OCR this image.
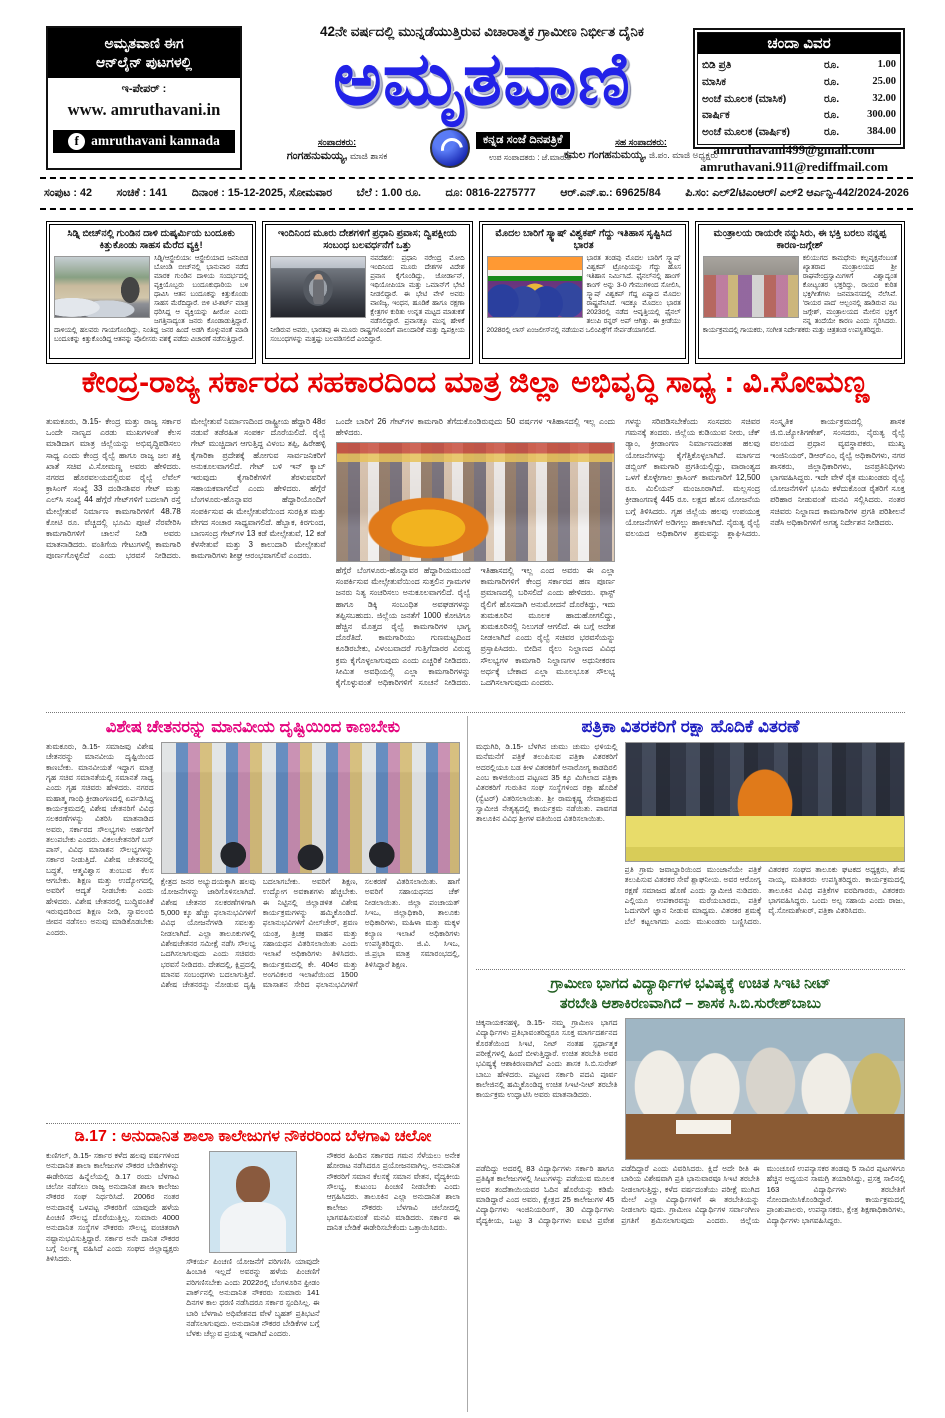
ಅಮೃತವಾಣಿ ಈಗ
ಆನ್‌ಲೈನ್ ಪುಟಗಳಲ್ಲಿ
ಇ-ಪೇಪರ್ :
www. amruthavani.in
f amruthavani kannada
42ನೇ ವರ್ಷದಲ್ಲಿ ಮುನ್ನಡೆಯುತ್ತಿರುವ ವಿಚಾರಾತ್ಮಕ ಗ್ರಾಮೀಣ ನಿರ್ಭೀತ ದೈನಿಕ
ಅಮೃತವಾಣಿ
ಸಂಪಾದಕರು:
ಗಂಗಹನುಮಯ್ಯ, ಮಾಜಿ ಶಾಸಕ
ಕನ್ನಡ ಸಂಜೆ ದಿನಪತ್ರಿಕೆ
ಉಪ ಸಂಪಾದಕರು : ಜೆ.ಮಾರುತಿ
ಸಹ ಸಂಪಾದಕರು:
ಕಮಲ ಗಂಗಹನುಮಯ್ಯ, ಜಿ.ಪಂ. ಮಾಜಿ ಅಧ್ಯಕ್ಷರು
ಚಂದಾ ವಿವರ
ಬಿಡಿ ಪ್ರತಿ	ರೂ.	1.00
ಮಾಸಿಕ	ರೂ.	25.00
ಅಂಚೆ ಮೂಲಕ (ಮಾಸಿಕ)	ರೂ.	32.00
ವಾರ್ಷಿಕ	ರೂ.	300.00
ಅಂಚೆ ಮೂಲಕ (ವಾರ್ಷಿಕ)	ರೂ.	384.00
amruthavani499@gmail.com
amruthavani.911@rediffmail.com
ಸಂಪುಟ : 42 ಸಂಚಿಕೆ : 141 ದಿನಾಂಕ : 15-12-2025, ಸೋಮವಾರ ಬೆಲೆ : 1.00 ರೂ. ದೂ: 0816-2275777 ಆರ್.ಎನ್.ಐ.: 69625/84 ಪಿ.ಸಂ: ಎಲ್2/ಟಿಎಂಆರ್/ ಎಲ್2 ಆರ್ಎನ್ಪಿ-442/2024-2026
ಸಿಡ್ನಿ ಬೀಚ್‌ನಲ್ಲಿ ಗುಂಡಿನ ದಾಳಿ ದುಷ್ಕರ್ಮಿಯ ಬಂದೂಕು ಕಿತ್ತುಕೊಂಡು ಸಾಹಸ ಮೆರೆದ ವ್ಯಕ್ತಿ!
ಸಿಡ್ನಿ/ಆಸ್ಟ್ರೇಲಿಯಾ: ಆಸ್ಟ್ರೇಲಿಯಾದ ಜನನಿಬಿಡ ಬೋಂಡಿ ಬೀಚ್‌ನಲ್ಲಿ ಭಾನುವಾರ ನಡೆದ ಮಾರಕ ಗುಂಡಿನ ದಾಳಿಯ ಸಂದರ್ಭದಲ್ಲಿ ವ್ಯಕ್ತಿಯೊಬ್ಬರು ಬಂದೂಕುಧಾರಿಯ ಬಳಿ ಧಾವಿಸಿ ಆತನ ಬಂದೂಕನ್ನು ಕಿತ್ತುಕೊಂಡು ಸಾಹಸ ಮೆರೆದಿದ್ದಾರೆ. ಬಿಳಿ ಟಿ-ಶರ್ಟ್ ಮಾತ್ರ ಧರಿಸಿದ್ದ ಆ ವ್ಯಕ್ತಿಯನ್ನು ಹೀರೋ ಎಂದು ಜಗತ್ತಿನಾದ್ಯಂತ ಜನರು ಕೊಂಡಾಡುತ್ತಿದ್ದಾರೆ. ದಾಳಿಯಲ್ಲಿ ಹಲವರು ಗಾಯಗೊಂಡಿದ್ದು, ನಿಂತಿದ್ದ ಜನರ ಹಿಂದೆ ಅಡಗಿ ಕೊಳ್ಳುವಂತೆ ಮಾಡಿ ಬಂದೂಕನ್ನು ಕಿತ್ತುಕೊಂಡಿದ್ದ ಆತನನ್ನು ಪೊಲೀಸರು ವಶಕ್ಕೆ ಪಡೆದು ವಿಚಾರಣೆ ನಡೆಸುತ್ತಿದ್ದಾರೆ.
ಇಂದಿನಿಂದ ಮೂರು ದೇಶಗಳಿಗೆ ಪ್ರಧಾನಿ ಪ್ರವಾಸ; ದ್ವಿಪಕ್ಷೀಯ ಸಂಬಂಧ ಬಲವರ್ಧನೆಗೆ ಒತ್ತು
ನವದೆಹಲಿ: ಪ್ರಧಾನಿ ನರೇಂದ್ರ ಮೋದಿ ಇಂದಿನಿಂದ ಮೂರು ದೇಶಗಳ ವಿದೇಶ ಪ್ರವಾಸ ಕೈಗೊಂಡಿದ್ದು, ಜೋರ್ಡಾನ್, ಇಥಿಯೋಪಿಯಾ ಮತ್ತು ಒಮಾನ್‌ಗೆ ಭೇಟಿ ನೀಡಲಿದ್ದಾರೆ. ಈ ಭೇಟಿ ವೇಳೆ ಅವರು ವಾಣಿಜ್ಯ, ಇಂಧನ, ಹೂಡಿಕೆ ಹಾಗೂ ರಕ್ಷಣಾ ಕ್ಷೇತ್ರಗಳ ಕುರಿತು ಉನ್ನತ ಮಟ್ಟದ ಮಾತುಕತೆ ನಡೆಸಲಿದ್ದಾರೆ. ಪ್ರವಾಸಕ್ಕೂ ಮುನ್ನ ಹೇಳಿಕೆ ನೀಡಿರುವ ಅವರು, ಭಾರತವು ಈ ಮೂರು ರಾಷ್ಟ್ರಗಳೊಂದಿಗೆ ಪಾಲುದಾರಿಕೆ ಮತ್ತು ದ್ವಿಪಕ್ಷೀಯ ಸಂಬಂಧಗಳನ್ನು ಮತ್ತಷ್ಟು ಬಲಪಡಿಸಲಿದೆ ಎಂದಿದ್ದಾರೆ.
ಮೊದಲ ಬಾರಿಗೆ ಸ್ಕ್ವಾಷ್ ವಿಶ್ವಕಪ್ ಗೆದ್ದು ಇತಿಹಾಸ ಸೃಷ್ಟಿಸಿದ ಭಾರತ
ಭಾರತ ತಂಡವು ಮೊದಲ ಬಾರಿಗೆ ಸ್ಕ್ವಾಷ್ ವಿಶ್ವಕಪ್ ಟ್ರೋಫಿಯನ್ನು ಗೆದ್ದು ಹೊಸ ಇತಿಹಾಸ ನಿರ್ಮಿಸಿದೆ. ಫೈನಲ್‌ನಲ್ಲಿ ಹಾಂಗ್ ಕಾಂಗ್ ಅನ್ನು 3-0 ಗೇಮುಗಳಿಂದ ಸೋಲಿಸಿ, ಸ್ಕ್ವಾಷ್ ವಿಶ್ವಕಪ್ ಗೆದ್ದ ಏಷ್ಯಾದ ಮೊದಲ ರಾಷ್ಟ್ರವೆನಿಸಿದೆ. ಇದಕ್ಕೂ ಮೊದಲು ಭಾರತ 2023ರಲ್ಲಿ ನಡೆದ ಆವೃತ್ತಿಯಲ್ಲಿ ಫೈನಲ್ ತಲುಪಿ ರನ್ನರ್ ಅಪ್ ಆಗಿತ್ತು. ಈ ಕ್ರೀಡೆಯು 2028ರಲ್ಲಿ ಲಾಸ್ ಏಂಜಲೀಸ್‌ನಲ್ಲಿ ನಡೆಯುವ ಒಲಿಂಪಿಕ್ಸ್‌ಗೆ ಸೇರ್ಪಡೆಯಾಗಲಿದೆ.
ಮಂತ್ರಾಲಯ ರಾಯರೇ ನನ್ನುಸಿರು, ಈ ಭಕ್ತಿ ಬರಲು ನನ್ನಪ್ಪ ಕಾರಣ-ಜಗ್ಗೇಶ್
ಕಲಿಯುಗದ ಕಾಮಧೇನು ಕಲ್ಪವೃಕ್ಷವೆಂಬಂತೆ ಖ್ಯಾತರಾದ ಮಂತ್ರಾಲಯದ ಶ್ರೀ ರಾಘವೇಂದ್ರಸ್ವಾಮಿಗಳಿಗೆ ವಿಶ್ವಾದ್ಯಂತ ಕೋಟ್ಯಂತರ ಭಕ್ತರಿದ್ದು, ರಾಯರ ಕುರಿತ ಭಕ್ತಿಗೀತೆಗಳು ಜನಮಾನಸದಲ್ಲಿ ನೆಲೆಸಿವೆ. 'ರಾಯರ ಪಾದ' ಆಲ್ಬಂನಲ್ಲಿ ಹಾಡಿರುವ ನಟ ಜಗ್ಗೇಶ್, ಮಂತ್ರಾಲಯದ ಮೇಲಿನ ಭಕ್ತಿಗೆ ನನ್ನ ತಂದೆಯೇ ಕಾರಣ ಎಂದು ಸ್ಮರಿಸಿದರು. ಕಾರ್ಯಕ್ರಮದಲ್ಲಿ ಗಾಯಕರು, ಸಂಗೀತ ನಿರ್ದೇಶಕರು ಮತ್ತು ಚಿತ್ರತಂಡ ಉಪಸ್ಥಿತರಿದ್ದರು.
ಕೇಂದ್ರ-ರಾಜ್ಯ ಸರ್ಕಾರದ ಸಹಕಾರದಿಂದ ಮಾತ್ರ ಜಿಲ್ಲಾ ಅಭಿವೃದ್ಧಿ ಸಾಧ್ಯ : ವಿ.ಸೋಮಣ್ಣ
ತುಮಕೂರು, ಡಿ.15- ಕೇಂದ್ರ ಮತ್ತು ರಾಜ್ಯ ಸರ್ಕಾರ ಒಂದೇ ನಾಣ್ಯದ ಎರಡು ಮುಖಗಳಂತೆ ಕೆಲಸ ಮಾಡಿದಾಗ ಮಾತ್ರ ಜಿಲ್ಲೆಯನ್ನು ಅಭಿವೃದ್ಧಿಪಡಿಸಲು ಸಾಧ್ಯ ಎಂದು ಕೇಂದ್ರ ರೈಲ್ವೆ ಹಾಗೂ ರಾಜ್ಯ ಜಲ ಶಕ್ತಿ ಖಾತೆ ಸಚಿವ ವಿ.ಸೋಮಣ್ಣ ಅವರು ಹೇಳಿದರು. ನಗರದ ಹೊರವಲಯದಲ್ಲಿರುವ ರೈಲ್ವೆ ಲೆವೆಲ್ ಕ್ರಾಸಿಂಗ್ ಸಂಖ್ಯೆ 33 ದಂಡಿನಶಿವರ ಗೇಟ್ ಮತ್ತು ಎಲ್‌ಸಿ ಸಂಖ್ಯೆ 44 ಹೆಗ್ಗೆರೆ ಗೇಟ್‌ಗಳಿಗೆ ಬದಲಾಗಿ ರಸ್ತೆ ಮೇಲ್ಸೇತುವೆ ನಿರ್ಮಾಣ ಕಾಮಗಾರಿಗಳಿಗೆ 48.78 ಕೋಟಿ ರೂ. ವೆಚ್ಚದಲ್ಲಿ ಭೂಮಿ ಪೂಜೆ ನೆರವೇರಿಸಿ ಕಾಮಗಾರಿಗಳಿಗೆ ಚಾಲನೆ ನೀಡಿ ಅವರು ಮಾತನಾಡಿದರು. ವಂತಿಗೆಯ ಗೇಟುಗಳಲ್ಲಿ ಕಾಮಗಾರಿ ಪೂರ್ಣಗೊಳ್ಳಲಿದೆ ಎಂದು ಭರವಸೆ ನೀಡಿದರು. ಮೇಲ್ಸೇತುವೆ ನಿರ್ಮಾಣದಿಂದ ರಾಷ್ಟ್ರೀಯ ಹೆದ್ದಾರಿ 48ರ ನಡುವೆ ತಡೆರಹಿತ ಸಂಪರ್ಕ ದೊರೆಯಲಿದೆ. ರೈಲ್ವೆ ಗೇಟ್ ಮುಚ್ಚಿದಾಗ ಆಗುತ್ತಿದ್ದ ವಿಳಂಬ ತಪ್ಪಿ, ಹಿರೇಹಳ್ಳಿ ಕೈಗಾರಿಕಾ ಪ್ರದೇಶಕ್ಕೆ ಹೋಗುವ ಸಾರ್ವಜನಿಕರಿಗೆ ಅನುಕೂಲವಾಗಲಿದೆ. ಗೇಟ್ ಬಳಿ ಇನ್ ಕ್ಯಾಬ್ ಇರುವುದು ಕೈಗಾರಿಕೆಗಳಿಗೆ ತೆರಳುವವರಿಗೆ ಸಹಾಯಕವಾಗಲಿದೆ ಎಂದು ಹೇಳಿದರು. ಹೆಗ್ಗೆರೆ ಬೆಂಗಳೂರು-ಹೊನ್ನಾವರ ಹೆದ್ದಾರಿಯೊಂದಿಗೆ ಸಂಪರ್ಕಿಸುವ ಈ ಮೇಲ್ಸೇತುವೆಯಿಂದ ಸುರಕ್ಷಿತ ಮತ್ತು ವೇಗದ ಸಂಚಾರ ಸಾಧ್ಯವಾಗಲಿದೆ. ಹೆಬ್ಬಾಕ, ಕಿರಗುಂದ, ಬಾಣಸಂದ್ರ ಗೇಟ್‌ಗಳ 13 ಕಡೆ ಮೇಲ್ಸೇತುವೆ, 12 ಕಡೆ ಕೆಳಸೇತುವೆ ಮತ್ತು 3 ಕಾಲುದಾರಿ ಮೇಲ್ಸೇತುವೆ ಕಾಮಗಾರಿಗಳು ಶೀಘ್ರ ಆರಂಭವಾಗಲಿವೆ ಎಂದರು.
ಒಂದೇ ಬಾರಿಗೆ 26 ಗೇಟ್‌ಗಳ ಕಾಮಗಾರಿ ತೆಗೆದುಕೊಂಡಿರುವುದು 50 ವರ್ಷಗಳ ಇತಿಹಾಸದಲ್ಲಿ ಇಲ್ಲ ಎಂದು ಹೇಳಿದರು.
ಹೆಗ್ಗೆರೆ ಬೆಂಗಳೂರು-ಹೊನ್ನಾವರ ಹೆದ್ದಾರಿಯಮುಂದೆ ಸಂಪರ್ಕಿಸುವ ಮೇಲ್ಸೇತುವೆಯಿಂದ ಸುತ್ತಲಿನ ಗ್ರಾಮಗಳ ಜನರು ನಿತ್ಯ ಸಂಚರಿಸಲು ಅನುಕೂಲವಾಗಲಿದೆ. ರೈಲ್ವೆ ಹಾಗೂ ಡಿಕ್ಕಿ ಸಂಬಂಧಿತ ಅವಘಡಗಳನ್ನು ತಪ್ಪಿಸಬಹುದು. ಜಿಲ್ಲೆಯ ಜನತೆಗೆ 1000 ಕೋಟಿಗೂ ಹೆಚ್ಚಿನ ಮೊತ್ತದ ರೈಲ್ವೆ ಕಾಮಗಾರಿಗಳ ಭಾಗ್ಯ ದೊರೆತಿದೆ. ಕಾಮಗಾರಿಯು ಗುಣಮಟ್ಟದಿಂದ ಕೂಡಿರಬೇಕು, ವಿಳಂಬವಾದರೆ ಗುತ್ತಿಗೆದಾರರ ವಿರುದ್ಧ ಕ್ರಮ ಕೈಗೊಳ್ಳಲಾಗುವುದು ಎಂದು ಎಚ್ಚರಿಕೆ ನೀಡಿದರು. ಸೀಮಿತ ಅವಧಿಯಲ್ಲಿ ಎಲ್ಲಾ ಕಾಮಗಾರಿಗಳನ್ನು ಕೈಗೊಳ್ಳುವಂತೆ ಅಧಿಕಾರಿಗಳಿಗೆ ಸೂಚನೆ ನೀಡಿದರು. ಇತಿಹಾಸದಲ್ಲಿ ಇಲ್ಲ ಎಂದ ಅವರು ಈ ಎಲ್ಲಾ ಕಾಮಗಾರಿಗಳಿಗೆ ಕೇಂದ್ರ ಸರ್ಕಾರದ ಹಣ ಪೂರ್ಣ ಪ್ರಮಾಣದಲ್ಲಿ ಬರಿಸಲಿದೆ ಎಂದು ಹೇಳಿದರು. ಫಾಸ್ಟ್ ರೈಲಿಗೆ ಹೊಸದಾಗಿ ಅನುಮೋದನೆ ದೊರೆಕಿದ್ದು, ಇದು ತುಮಕೂರಿನ ಮೂಲಕ ಹಾದುಹೋಗಲಿದ್ದು, ತುಮಕೂರಿನಲ್ಲಿ ನಿಲುಗಡೆ ಆಗಲಿದೆ. ಈ ಬಗ್ಗೆ ಅದೇಶ ನೀಡಲಾಗಿದೆ ಎಂದು ರೈಲ್ವೆ ಸಚಿವರ ಭರವಸೆಯನ್ನು ಪ್ರಸ್ತಾಪಿಸಿದರು. ಬೀದಿನ ರೈಲು ನಿಲ್ದಾಣದ ವಿವಿಧ ಸೌಲಭ್ಯಗಳ ಕಾಮಗಾರಿ ನಿಲ್ದಾಣಗಳ ಅಧುನೀಕರಣ ಅರ್ಧಕ್ಕೆ ಬೇಕಾದ ಎಲ್ಲಾ ಮೂಲಭೂತ ಸೌಲಭ್ಯ ಒದಗಿಸಲಾಗುವುದು ಎಂದರು.
ಗಳನ್ನು ಸರಿಪಡಿಸಬೇಕೆಂದು ಸಂಸದರು ಸಚಿವರ ಗಮನಕ್ಕೆ ತಂದರು. ಜಿಲ್ಲೆಯ ಕುಡಿಯುವ ನೀರು, ಚೆಕ್ ಡ್ಯಾಂ, ಕ್ರೀಡಾಂಗಣ ನಿರ್ಮಾಣದಂತಹ ಹಲವು ಯೋಜನೆಗಳನ್ನು ಕೈಗೆತ್ತಿಕೊಳ್ಳಲಾಗಿದೆ. ಮಾರ್ಗದ ಡಬ್ಲಿಂಗ್ ಕಾಮಗಾರಿ ಪ್ರಗತಿಯಲ್ಲಿದ್ದು, ವಾರಾಂತ್ಯದ ಒಳಗೆ ಕೊಳ್ಳೇಗಾಲ ಕ್ರಾಸಿಂಗ್ ಕಾಮಗಾರಿಗೆ 12,500 ರೂ. ಮಿಲಿಯನ್ ಮಂಜೂರಾಗಿದೆ. ಮಲ್ಲಸಂದ್ರ ಕ್ರೀಡಾಂಗಣಕ್ಕೆ 445 ರೂ. ಲಕ್ಷದ ಹೊಸ ಯೋಜನೆಯ ಬಗ್ಗೆ ತಿಳಿಸಿದರು. ಗೃಹ ಜಿಲ್ಲೆಯ ಹಲವು ಉಪಯುಕ್ತ ಯೋಜನೆಗಳಿಗೆ ಅಡಿಗಲ್ಲು ಹಾಕಲಾಗಿದೆ. ನೈರುತ್ಯ ರೈಲ್ವೆ ವಲಯದ ಅಧಿಕಾರಿಗಳ ಶ್ರಮವನ್ನು ಶ್ಲಾಘಿಸಿದರು. ಸಂಸ್ಕೃತಿಕ ಕಾರ್ಯಕ್ರಮದಲ್ಲಿ ಶಾಸಕ ಜಿ.ಬಿ.ಜ್ಯೋತಿಗಣೇಶ್, ಸಂಸದರು, ನೈರುತ್ಯ ರೈಲ್ವೆ ವಲಯದ ಪ್ರಧಾನ ವ್ಯವಸ್ಥಾಪಕರು, ಮುಖ್ಯ ಇಂಜಿನಿಯರ್, ಡಿಆರ್‌ಎಂ, ರೈಲ್ವೆ ಅಧಿಕಾರಿಗಳು, ನಗರ ಶಾಸಕರು, ಜಿಲ್ಲಾಧಿಕಾರಿಗಳು, ಜನಪ್ರತಿನಿಧಿಗಳು ಭಾಗವಹಿಸಿದ್ದರು. ಇದೇ ವೇಳೆ ರೈತ ಮುಖಂಡರು ರೈಲ್ವೆ ಯೋಜನೆಗಳಿಗೆ ಭೂಮಿ ಕಳೆದುಕೊಂಡ ರೈತರಿಗೆ ಸೂಕ್ತ ಪರಿಹಾರ ನೀಡುವಂತೆ ಮನವಿ ಸಲ್ಲಿಸಿದರು. ನಂತರ ಸಚಿವರು ನಿಲ್ದಾಣದ ಕಾಮಗಾರಿಗಳ ಪ್ರಗತಿ ಪರಿಶೀಲನೆ ನಡೆಸಿ ಅಧಿಕಾರಿಗಳಿಗೆ ಅಗತ್ಯ ನಿರ್ದೇಶನ ನೀಡಿದರು.
ವಿಶೇಷ ಚೇತನರನ್ನು ಮಾನವೀಯ ದೃಷ್ಟಿಯಿಂದ ಕಾಣಬೇಕು
ತುಮಕೂರು, ಡಿ.15- ಸಮಾಜವು ವಿಶೇಷ ಚೇತನರನ್ನು ಮಾನವೀಯ ದೃಷ್ಟಿಯಿಂದ ಕಾಣಬೇಕು. ಮಾನವೀಯತೆ ಇದ್ದಾಗ ಮಾತ್ರ ಗೃಹ ಸಚಿವ ಸಮಾನತೆಯಲ್ಲಿ ಸಮಾನತೆ ಸಾಧ್ಯ ಎಂದು ಗೃಹ ಸಚಿವರು ಹೇಳಿದರು. ನಗರದ ಮಹಾತ್ಮ ಗಾಂಧಿ ಕ್ರೀಡಾಂಗಣದಲ್ಲಿ ಏರ್ಪಡಿಸಿದ್ದ ಕಾರ್ಯಕ್ರಮದಲ್ಲಿ ವಿಶೇಷ ಚೇತನರಿಗೆ ವಿವಿಧ ಸಲಕರಣೆಗಳನ್ನು ವಿತರಿಸಿ ಮಾತನಾಡಿದ ಅವರು, ಸರ್ಕಾರದ ಸೌಲಭ್ಯಗಳು ಅರ್ಹರಿಗೆ ತಲುಪಬೇಕು ಎಂದರು. ವಿಕಲಚೇತನರಿಗೆ ಬಸ್ ಪಾಸ್, ವಿವಿಧ ಮಾಸಾಶನ ಸೌಲಭ್ಯಗಳನ್ನು ಸರ್ಕಾರ ನೀಡುತ್ತಿದೆ. ವಿಶೇಷ ಚೇತನರಲ್ಲಿ ಬದ್ಧತೆ, ಆತ್ಮವಿಶ್ವಾಸ ತುಂಬುವ ಕೆಲಸ ಆಗಬೇಕು. ಶಿಕ್ಷಣ ಮತ್ತು ಉದ್ಯೋಗದಲ್ಲಿ ಅವರಿಗೆ ಆದ್ಯತೆ ನೀಡಬೇಕು ಎಂದು ಹೇಳಿದರು. ವಿಶೇಷ ಚೇತನರಲ್ಲಿ ಬುದ್ಧಿವಂತಿಕೆ ಇರುವುದರಿಂದ ಶಿಕ್ಷಣ ನೀಡಿ, ಸ್ವಾವಲಂಬಿ ಜೀವನ ನಡೆಸಲು ಅನುವು ಮಾಡಿಕೊಡಬೇಕು ಎಂದರು.
ಕ್ಷೇತ್ರದ ಜನರ ಅಭ್ಯುದಯಕ್ಕಾಗಿ ಹಲವು ಯೋಜನೆಗಳನ್ನು ಜಾರಿಗೊಳಿಸಲಾಗಿದೆ. ವಿಶೇಷ ಚೇತನರ ಸಲಕರಣೆಗಳಿಗಾಗಿ 5,000 ಕ್ಕೂ ಹೆಚ್ಚು ಫಲಾನುಭವಿಗಳಿಗೆ ವಿವಿಧ ಯೋಜನೆಗಳಡಿ ಸವಲತ್ತು ನೀಡಲಾಗಿದೆ. ಎಲ್ಲಾ ತಾಲೂಕುಗಳಲ್ಲಿ ವಿಶೇಷಚೇತನರ ಸಮೀಕ್ಷೆ ನಡೆಸಿ ಸೌಲಭ್ಯ ಒದಗಿಸಲಾಗುವುದು ಎಂದು ಸಚಿವರು ಭರವಸೆ ನೀಡಿದರು. ದೇಶದಲ್ಲಿ, ಕ್ಷಿಪ್ರದಲ್ಲಿ ಮಾನವ ಸಂಬಂಧಗಳು ಬದಲಾಗುತ್ತಿವೆ. ವಿಶೇಷ ಚೇತನರನ್ನು ನೋಡುವ ದೃಷ್ಟಿ ಬದಲಾಗಬೇಕು. ಅವರಿಗೆ ಶಿಕ್ಷಣ, ಉದ್ಯೋಗ ಅವಕಾಶಗಳು ಹೆಚ್ಚಬೇಕು. ಈ ನಿಟ್ಟಿನಲ್ಲಿ ಜಿಲ್ಲಾಡಳಿತ ವಿಶೇಷ ಕಾರ್ಯಕ್ರಮಗಳನ್ನು ಹಮ್ಮಿಕೊಂಡಿದೆ. ಫಲಾನುಭವಿಗಳಿಗೆ ವೀಲ್‌ಚೇರ್, ಶ್ರವಣ ಯಂತ್ರ, ತ್ರಿಚಕ್ರ ವಾಹನ ಮತ್ತು ಸಹಾಯಧನ ವಿತರಿಸಲಾಯಿತು ಎಂದು ಇಲಾಖೆ ಅಧಿಕಾರಿಗಳು ತಿಳಿಸಿದರು. ಕಾರ್ಯಕ್ರಮದಲ್ಲಿ ಕೇ. 404ರ ಮತ್ತು ಅಂಗವಿಕಲರ ಇಲಾಖೆಯಿಂದ 1500 ಮಾಸಾಶನ ಸೇರಿದ ಫಲಾನುಭವಿಗಳಿಗೆ ಸಲಕರಣೆ ವಿತರಿಸಲಾಯಿತು. ಹಾಗೆ ಅವರಿಗೆ ಸಹಾಯಧನದ ಚೆಕ್ ನೀಡಲಾಯಿತು. ಜಿಲ್ಲಾ ಪಂಚಾಯತ್ ಸಿಇಒ, ಜಿಲ್ಲಾಧಿಕಾರಿ, ತಾಲೂಕು ಅಧಿಕಾರಿಗಳು, ಮಹಿಳಾ ಮತ್ತು ಮಕ್ಕಳ ಕಲ್ಯಾಣ ಇಲಾಖೆ ಅಧಿಕಾರಿಗಳು ಉಪಸ್ಥಿತರಿದ್ದರು. ಜಿ.ವಿ. ಸಿಇಒ, ಜಿ.ಪ್ರಭಾ ಮಾತ್ರ ಸಮಾರಂಭದಲ್ಲಿ, ತಿಳಿಸಿದ್ದಾರೆ ಶಿಕ್ಷಣ.
ಡಿ.17 : ಅನುದಾನಿತ ಶಾಲಾ ಕಾಲೇಜುಗಳ ನೌಕರರಿಂದ ಬೆಳಗಾವಿ ಚಲೋ
ಕುಣಿಗಲ್, ಡಿ.15- ಸರ್ಕಾರ ಕಳೆದ ಹಲವು ವರ್ಷಗಳಿಂದ ಅನುದಾನಿತ ಶಾಲಾ ಕಾಲೇಜುಗಳ ನೌಕರರ ಬೇಡಿಕೆಗಳನ್ನು ಈಡೇರಿಸದ ಹಿನ್ನೆಲೆಯಲ್ಲಿ ಡಿ.17 ರಂದು ಬೆಳಗಾವಿ ಚಲೋ ನಡೆಸಲು ರಾಜ್ಯ ಅನುದಾನಿತ ಶಾಲಾ ಕಾಲೇಜು ನೌಕರರ ಸಂಘ ನಿರ್ಧರಿಸಿದೆ. 2006ರ ನಂತರ ಅನುದಾನಕ್ಕೆ ಒಳಪಟ್ಟ ನೌಕರರಿಗೆ ಯಾವುದೇ ಹಳೆಯ ಪಿಂಚಣಿ ಸೌಲಭ್ಯ ದೊರೆಯುತ್ತಿಲ್ಲ. ಸುಮಾರು 4000 ಅನುದಾನಿತ ಸಂಸ್ಥೆಗಳ ನೌಕರರು ಸೌಲಭ್ಯ ವಂಚಿತರಾಗಿ ನಷ್ಟಾನುಭವಿಸುತ್ತಿದ್ದಾರೆ. ಸರ್ಕಾರ ಅನೇ ದಾನಿತ ನೌಕರರ ಬಗ್ಗೆ ನಿರ್ಲಕ್ಷ್ಯ ವಹಿಸಿದೆ ಎಂದು ಸಂಘದ ಜಿಲ್ಲಾಧ್ಯಕ್ಷರು ತಿಳಿಸಿದರು.	ಸೌಕರ್ಯ ಪಿಂಚಣಿ ಯೋಜನೆಗೆ ಪರಿಗಣಿಸಿ ಯಾವುದೇ ಹಿಂಬಾಕಿ ಇಲ್ಲದೆ ಅವರನ್ನು ಹಳೆಯ ಪಿಂಚಣಿಗೆ ಪರಿಗಣಿಸಬೇಕು ಎಂದು 2022ರಲ್ಲಿ ಬೆಂಗಳೂರಿನ ಫ್ರೀಡಂ ಪಾರ್ಕ್‌ನಲ್ಲಿ ಅನುದಾನಿತ ನೌಕರರು ಸುಮಾರು 141 ದಿನಗಳ ಕಾಲ ಧರಣಿ ನಡೆಸಿದರೂ ಸರ್ಕಾರ ಸ್ಪಂದಿಸಿಲ್ಲ. ಈ ಬಾರಿ ಬೆಳಗಾವಿ ಅಧಿವೇಶನದ ವೇಳೆ ಬೃಹತ್ ಪ್ರತಿಭಟನೆ ನಡೆಸಲಾಗುವುದು. ಅನುದಾನಿತ ನೌಕರರ ಬೇಡಿಕೆಗಳ ಬಗ್ಗೆ ಬೆಳಕು ಚೆಲ್ಲುವ ಪ್ರಯತ್ನ ಇದಾಗಿದೆ ಎಂದರು.
ನೌಕರರ ಹಿಂದಿನ ಸರ್ಕಾರದ ಗಮನ ಸೆಳೆಯಲು ಅನೇಕ ಹೋರಾಟ ನಡೆಸಿದರೂ ಪ್ರಯೋಜನವಾಗಿಲ್ಲ. ಅನುದಾನಿತ ನೌಕರರಿಗೆ ಸಮಾನ ಕೆಲಸಕ್ಕೆ ಸಮಾನ ವೇತನ, ವೈದ್ಯಕೀಯ ಸೌಲಭ್ಯ, ಕುಟುಂಬ ಪಿಂಚಣಿ ನೀಡಬೇಕು ಎಂದು ಆಗ್ರಹಿಸಿದರು. ತಾಲೂಕಿನ ಎಲ್ಲಾ ಅನುದಾನಿತ ಶಾಲಾ ಕಾಲೇಜು ನೌಕರರು ಬೆಳಗಾವಿ ಚಲೋದಲ್ಲಿ ಭಾಗವಹಿಸುವಂತೆ ಮನವಿ ಮಾಡಿದರು. ಸರ್ಕಾರ ಈ ದಾನಿತ ಬೇಡಿಕೆ ಈಡೇರಿಸಬೇಕೆಂದು ಒತ್ತಾಯಿಸಿದರು.
ಪತ್ರಿಕಾ ವಿತರಕರಿಗೆ ರಕ್ಷಾ ಹೊದಿಕೆ ವಿತರಣೆ
ಮಧುಗಿರಿ, ಡಿ.15- ಬೆಳಗಿನ ಚುಮು ಚುಮು ಛಳಿಯಲ್ಲಿ ಮನೆಮನೆಗೆ ಪತ್ರಿಕೆ ತಲುಪಿಸುವ ಪತ್ರಿಕಾ ವಿತರಕರಿಗೆ ಅದರಲ್ಲಿಯೂ ಬಡ ಕೀಳ ವಿತರಕರಿಗೆ ಅನಾರೋಗ್ಯ ಕಾಡದಿರಲಿ ಎಂಬ ಕಾಳಜಿಯಿಂದ ಪಟ್ಟಣದ 35 ಕ್ಕೂ ಮಿಗಿಲಾದ ಪತ್ರಿಕಾ ವಿತರಕರಿಗೆ ಗುರುತಿನ ಸಂಘ ಸಂಸ್ಥೆಗಳಿಂದ ರಕ್ಷಾ ಹೊದಿಕೆ (ಸ್ವೆಟರ್) ವಿತರಿಸಲಾಯಿತು. ಶ್ರೀ ರಾಮಕೃಷ್ಣ ಸೇವಾಶ್ರಮದ ಸ್ವಾಮೀಜಿ ನೇತೃತ್ವದಲ್ಲಿ ಕಾರ್ಯಕ್ರಮ ನಡೆಯಿತು. ಪಾವಗಡ ತಾಲೂಕಿನ ವಿವಿಧ ಶ್ರೀಗಳ ವತಿಯಿಂದ ವಿತರಿಸಲಾಯಿತು.
ಪ್ರತಿ ಗ್ರಾಮ ಜವಾಬ್ದಾರಿಯಿಂದ ಮುಂಜಾನೆಯೇ ಪತ್ರಿಕೆ ತಲುಪಿಸುವ ವಿತರಕರ ಸೇವೆ ಶ್ಲಾಘನೀಯ. ಅವರ ಆರೋಗ್ಯ ರಕ್ಷಣೆ ಸಮಾಜದ ಹೊಣೆ ಎಂದು ಸ್ವಾಮೀಜಿ ನುಡಿದರು. ಎಲ್ಲಿಯೂ ಉಪಕಾರವನ್ನು ಮರೆಯಬಾರದು, ಪತ್ರಿಕೆ ಓದುಗರಿಗೆ ಜ್ಞಾನ ನೀಡುವ ಮಾಧ್ಯಮ. ವಿತರಕರ ಶ್ರಮಕ್ಕೆ ಬೆಲೆ ಕಟ್ಟಲಾಗದು ಎಂದು ಮುಖಂಡರು ಬಣ್ಣಿಸಿದರು. ವಿತರಕರ ಸಂಘದ ತಾಲೂಕು ಘಟಕದ ಅಧ್ಯಕ್ಷರು, ಶೇಷ ನಾಯ್ಕ, ಮತಿತರರು ಉಪಸ್ಥಿತರಿದ್ದರು. ಕಾರ್ಯಕ್ರಮದಲ್ಲಿ ತಾಲೂಕಿನ ವಿವಿಧ ಪತ್ರಿಕೆಗಳ ವರದಿಗಾರರು, ವಿತರಕರು ಭಾಗವಹಿಸಿದ್ದರು. ಒಂದು ಅಲ್ಪ ಸಹಾಯ ಎಂದು ರಾಜು, ವೈ.ಸೋಮಶೇಖರ್, ಪತ್ರಿಕಾ ವಿತರಿಸಿದರು.
ಗ್ರಾಮೀಣ ಭಾಗದ ವಿದ್ಯಾರ್ಥಿಗಳ ಭವಿಷ್ಯಕ್ಕೆ ಉಚಿತ ಸಿಇಟಿ ನೀಟ್
ತರಬೇತಿ ಆಶಾಕಿರಣವಾಗಿದೆ – ಶಾಸಕ ಸಿ.ಬಿ.ಸುರೇಶ್‌ಬಾಬು
ಚಿಕ್ಕನಾಯಕನಹಳ್ಳಿ, ಡಿ.15- ನಮ್ಮ ಗ್ರಾಮೀಣ ಭಾಗದ ವಿದ್ಯಾರ್ಥಿಗಳು ಪ್ರತಿಭಾವಂತರಿದ್ದರೂ ಸೂಕ್ತ ಮಾರ್ಗದರ್ಶನದ ಕೊರತೆಯಿಂದ ಸಿಇಟಿ, ನೀಟ್ ನಂತಹ ಸ್ಪರ್ಧಾತ್ಮಕ ಪರೀಕ್ಷೆಗಳಲ್ಲಿ ಹಿಂದೆ ಬೀಳುತ್ತಿದ್ದಾರೆ. ಉಚಿತ ತರಬೇತಿ ಅವರ ಭವಿಷ್ಯಕ್ಕೆ ಆಶಾಕಿರಣವಾಗಿದೆ ಎಂದು ಶಾಸಕ ಸಿ.ಬಿ.ಸುರೇಶ್ ಬಾಬು ಹೇಳಿದರು. ಪಟ್ಟಣದ ಸರ್ಕಾರಿ ಪದವಿ ಪೂರ್ವ ಕಾಲೇಜಿನಲ್ಲಿ ಹಮ್ಮಿಕೊಂಡಿದ್ದ ಉಚಿತ ಸಿಇಟಿ-ನೀಟ್ ತರಬೇತಿ ಕಾರ್ಯಕ್ರಮ ಉದ್ಘಾಟಿಸಿ ಅವರು ಮಾತನಾಡಿದರು.
ಪಡೆದಿದ್ದು ಅದರಲ್ಲಿ 83 ವಿದ್ಯಾರ್ಥಿಗಳು ಸರ್ಕಾರಿ ಹಾಗೂ ಪ್ರತಿಷ್ಠಿತ ಕಾಲೇಜುಗಳಲ್ಲಿ ಸೀಟುಗಳನ್ನು ಪಡೆಯುವ ಮೂಲಕ ಅವರ ತಂದೆತಾಯಿಯವರ ಓದಿನ ಹೊರೆಯನ್ನು ಕಡಿಮೆ ಮಾಡಿದ್ದಾರೆ ಎಂದ ಅವರು, ಕ್ಷೇತ್ರದ 25 ಕಾಲೇಜುಗಳ 45 ವಿದ್ಯಾರ್ಥಿಗಳು ಇಂಜಿನಿಯರಿಂಗ್, 30 ವಿದ್ಯಾರ್ಥಿಗಳು ವೈದ್ಯಕೀಯ, ಒಟ್ಟು 3 ವಿದ್ಯಾರ್ಥಿಗಳು ಐಐಟಿ ಪ್ರವೇಶ ಪಡೆದಿದ್ದಾರೆ ಎಂದು ವಿವರಿಸಿದರು. ಕ್ಷಿದೆ ಅದೇ ರೀತಿ ಈ ಬಾರಿಯ ವಿಶೇಷವಾಗಿ ಪ್ರತಿ ಭಾನುವಾರವೂ ಸಿಇಟಿ ತರಬೇತಿ ನೀಡಲಾಗುತ್ತಿದ್ದು, ಕಳೆದ ವರ್ಷದಂತೆಯು ಪರೀಕ್ಷೆ ಮುಗಿದ ಮೇಲೆ ಎಲ್ಲಾ ವಿದ್ಯಾರ್ಥಿಗಳಿಗೆ ಈ ತರಬೇತಿಯನ್ನು ನೀಡಲಾಗು ವುದು. ಗ್ರಾಮೀಣ ವಿದ್ಯಾರ್ಥಿಗಳ ಸರ್ವಾಂಗೀಣ ಪ್ರಗತಿಗೆ ಶ್ರಮಿಸಲಾಗುವುದು ಎಂದರು. ಜಿಲ್ಲೆಯ ಮುಂಚೂಣಿ ಉಪನ್ಯಾಸಕರ ತಂಡವು 5 ಸಾವಿರ ಪುಟಗಳಿಗೂ ಹೆಚ್ಚಿನ ಅಧ್ಯಯನ ಸಾಮಗ್ರಿ ತಯಾರಿಸಿದ್ದು, ಪ್ರಸಕ್ತ ಸಾಲಿನಲ್ಲಿ 163 ವಿದ್ಯಾರ್ಥಿಗಳು ತರಬೇತಿಗೆ ನೋಂದಾಯಿಸಿಕೊಂಡಿದ್ದಾರೆ. ಕಾರ್ಯಕ್ರಮದಲ್ಲಿ ಪ್ರಾಂಶುಪಾಲರು, ಉಪನ್ಯಾಸಕರು, ಕ್ಷೇತ್ರ ಶಿಕ್ಷಣಾಧಿಕಾರಿಗಳು, ವಿದ್ಯಾರ್ಥಿಗಳು ಭಾಗವಹಿಸಿದ್ದರು.
